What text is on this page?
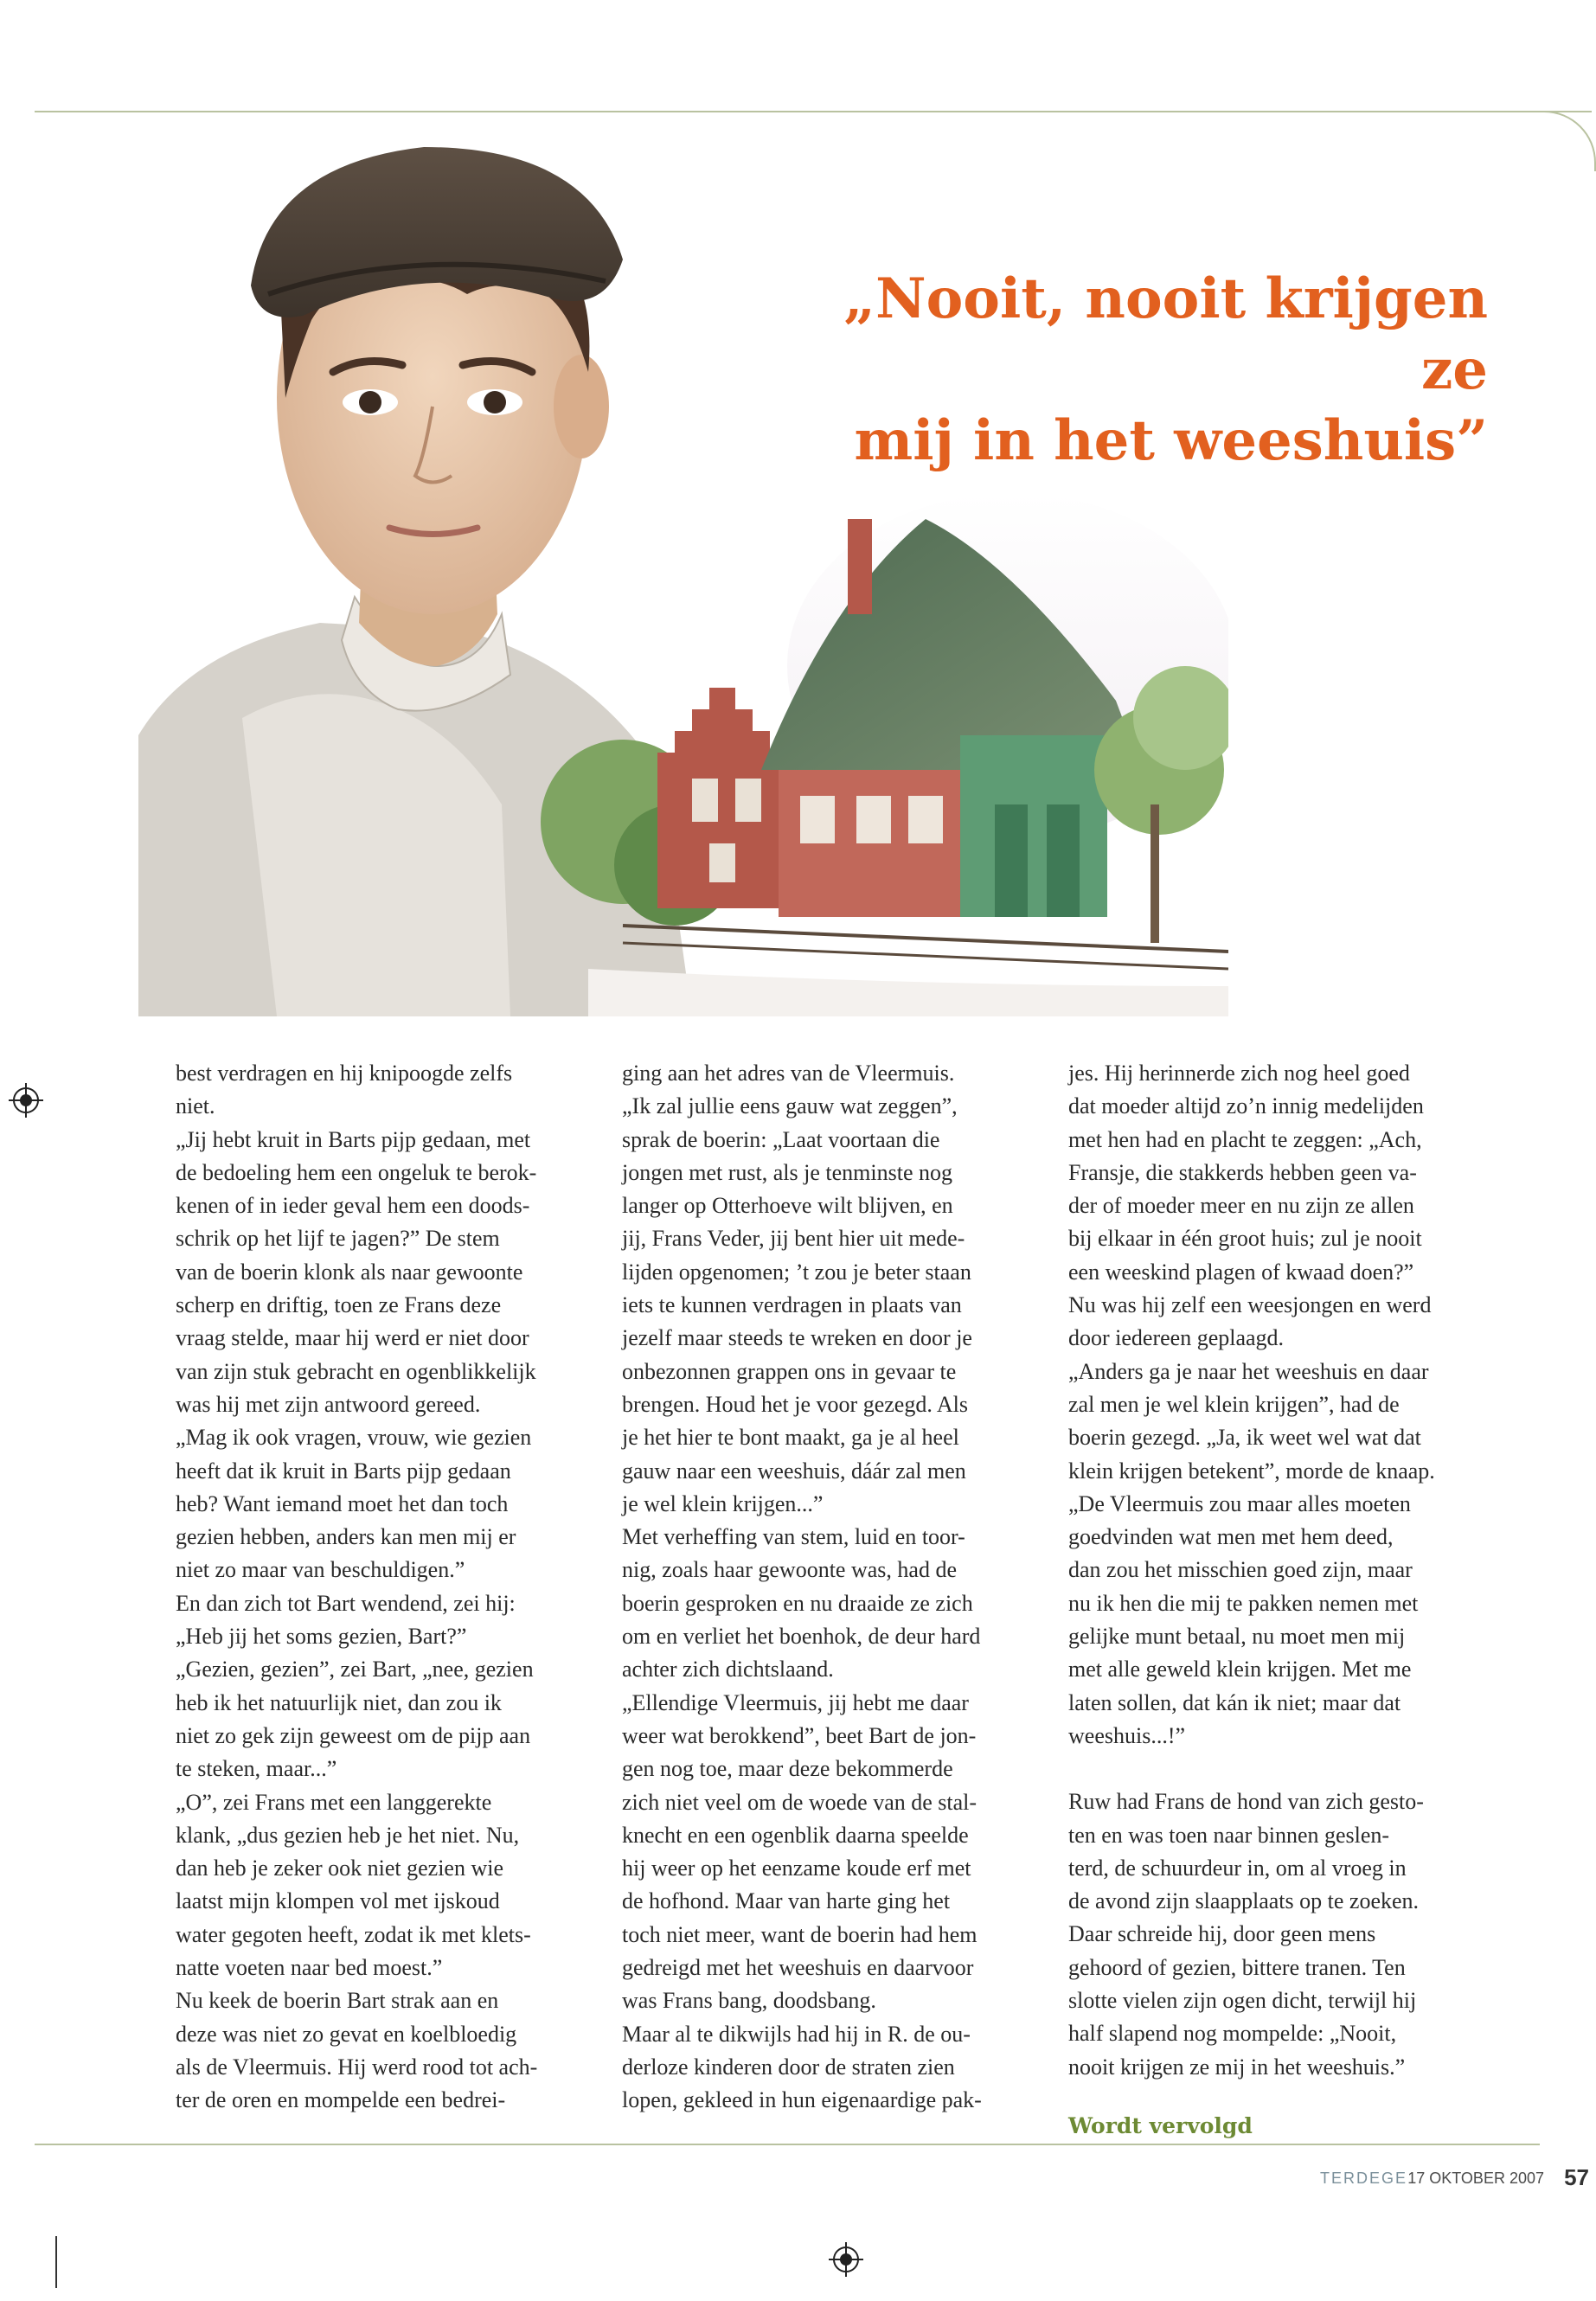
„Nooit, nooit krijgen ze
mij in het weeshuis”

best verdragen en hij knipoogde zelfs
niet.
„Jij hebt kruit in Barts pijp gedaan, met
de bedoeling hem een ongeluk te berok-
kenen of in ieder geval hem een doods-
schrik op het lijf te jagen?” De stem
van de boerin klonk als naar gewoonte
scherp en driftig, toen ze Frans deze
vraag stelde, maar hij werd er niet door
van zijn stuk gebracht en ogenblikkelijk
was hij met zijn antwoord gereed.
„Mag ik ook vragen, vrouw, wie gezien
heeft dat ik kruit in Barts pijp gedaan
heb? Want iemand moet het dan toch
gezien hebben, anders kan men mij er
niet zo maar van beschuldigen.”
En dan zich tot Bart wendend, zei hij:
„Heb jij het soms gezien, Bart?”
„Gezien, gezien”, zei Bart, „nee, gezien
heb ik het natuurlijk niet, dan zou ik
niet zo gek zijn geweest om de pijp aan
te steken, maar...”
„O”, zei Frans met een langgerekte
klank, „dus gezien heb je het niet. Nu,
dan heb je zeker ook niet gezien wie
laatst mijn klompen vol met ijskoud
water gegoten heeft, zodat ik met klets-
natte voeten naar bed moest.”
Nu keek de boerin Bart strak aan en
deze was niet zo gevat en koelbloedig
als de Vleermuis. Hij werd rood tot ach-
ter de oren en mompelde een bedrei-

ging aan het adres van de Vleermuis.
„Ik zal jullie eens gauw wat zeggen”,
sprak de boerin: „Laat voortaan die
jongen met rust, als je tenminste nog
langer op Otterhoeve wilt blijven, en
jij, Frans Veder, jij bent hier uit mede-
lijden opgenomen; ’t zou je beter staan
iets te kunnen verdragen in plaats van
jezelf maar steeds te wreken en door je
onbezonnen grappen ons in gevaar te
brengen. Houd het je voor gezegd. Als
je het hier te bont maakt, ga je al heel
gauw naar een weeshuis, dáár zal men
je wel klein krijgen...”
Met verheffing van stem, luid en toor-
nig, zoals haar gewoonte was, had de
boerin gesproken en nu draaide ze zich
om en verliet het boenhok, de deur hard
achter zich dichtslaand.
„Ellendige Vleermuis, jij hebt me daar
weer wat berokkend”, beet Bart de jon-
gen nog toe, maar deze bekommerde
zich niet veel om de woede van de stal-
knecht en een ogenblik daarna speelde
hij weer op het eenzame koude erf met
de hofhond. Maar van harte ging het
toch niet meer, want de boerin had hem
gedreigd met het weeshuis en daarvoor
was Frans bang, doodsbang.
Maar al te dikwijls had hij in R. de ou-
derloze kinderen door de straten zien
lopen, gekleed in hun eigenaardige pak-

jes. Hij herinnerde zich nog heel goed
dat moeder altijd zo’n innig medelijden
met hen had en placht te zeggen: „Ach,
Fransje, die stakkerds hebben geen va-
der of moeder meer en nu zijn ze allen
bij elkaar in één groot huis; zul je nooit
een weeskind plagen of kwaad doen?”
Nu was hij zelf een weesjongen en werd
door iedereen geplaagd.
„Anders ga je naar het weeshuis en daar
zal men je wel klein krijgen”, had de
boerin gezegd. „Ja, ik weet wel wat dat
klein krijgen betekent”, morde de knaap.
„De Vleermuis zou maar alles moeten
goedvinden wat men met hem deed,
dan zou het misschien goed zijn, maar
nu ik hen die mij te pakken nemen met
gelijke munt betaal, nu moet men mij
met alle geweld klein krijgen. Met me
laten sollen, dat kán ik niet; maar dat
weeshuis...!”

Ruw had Frans de hond van zich gesto-
ten en was toen naar binnen geslen-
terd, de schuurdeur in, om al vroeg in
de avond zijn slaapplaats op te zoeken.
Daar schreide hij, door geen mens
gehoord of gezien, bittere tranen. Ten
slotte vielen zijn ogen dicht, terwijl hij
half slapend nog mompelde: „Nooit,
nooit krijgen ze mij in het weeshuis.”

Wordt vervolgd

TERDEGE 17 OKTOBER 2007 57
